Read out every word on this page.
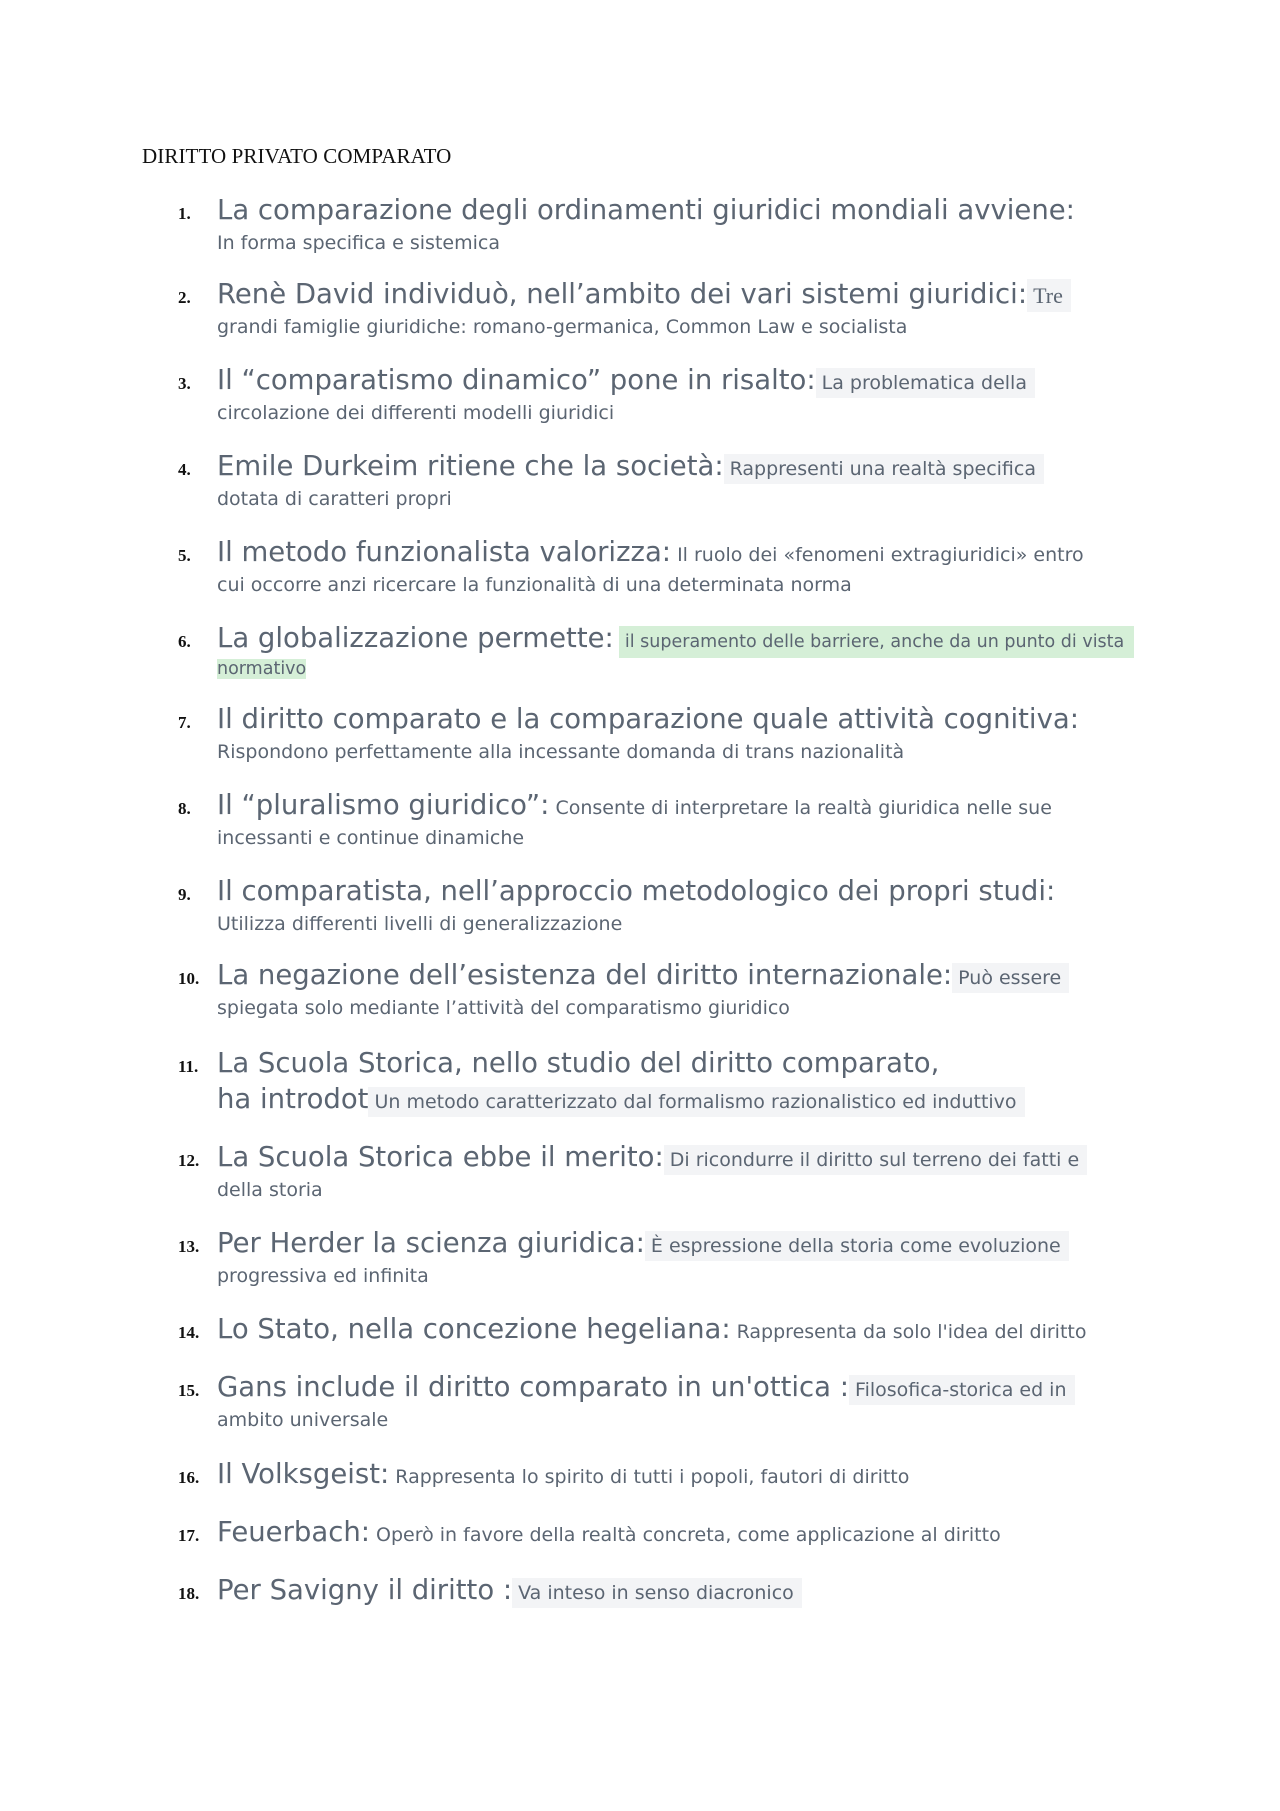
DIRITTO PRIVATO COMPARATO
1. La comparazione degli ordinamenti giuridici mondiali avviene:
In forma specifica e sistemica
2. Renè David individuò, nell’ambito dei vari sistemi giuridici: Tre
grandi famiglie giuridiche: romano-germanica, Common Law e socialista
3. Il “comparatismo dinamico” pone in risalto: La problematica della
circolazione dei differenti modelli giuridici
4. Emile Durkeim ritiene che la società: Rappresenti una realtà specifica
dotata di caratteri propri
5. Il metodo funzionalista valorizza: Il ruolo dei «fenomeni extragiuridici» entro
cui occorre anzi ricercare la funzionalità di una determinata norma
6. La globalizzazione permette: il superamento delle barriere, anche da un punto di vista
normativo
7. Il diritto comparato e la comparazione quale attività cognitiva:
Rispondono perfettamente alla incessante domanda di trans nazionalità
8. Il “pluralismo giuridico”: Consente di interpretare la realtà giuridica nelle sue
incessanti e continue dinamiche
9. Il comparatista, nell’approccio metodologico dei propri studi:
Utilizza differenti livelli di generalizzazione
10. La negazione dell’esistenza del diritto internazionale: Può essere
spiegata solo mediante l’attività del comparatismo giuridico
11. La Scuola Storica, nello studio del diritto comparato,
ha introdot Un metodo caratterizzato dal formalismo razionalistico ed induttivo
12. La Scuola Storica ebbe il merito: Di ricondurre il diritto sul terreno dei fatti e
della storia
13. Per Herder la scienza giuridica: È espressione della storia come evoluzione
progressiva ed infinita
14. Lo Stato, nella concezione hegeliana: Rappresenta da solo l'idea del diritto
15. Gans include il diritto comparato in un'ottica : Filosofica-storica ed in
ambito universale
16. Il Volksgeist: Rappresenta lo spirito di tutti i popoli, fautori di diritto
17. Feuerbach: Operò in favore della realtà concreta, come applicazione al diritto
18. Per Savigny il diritto : Va inteso in senso diacronico
